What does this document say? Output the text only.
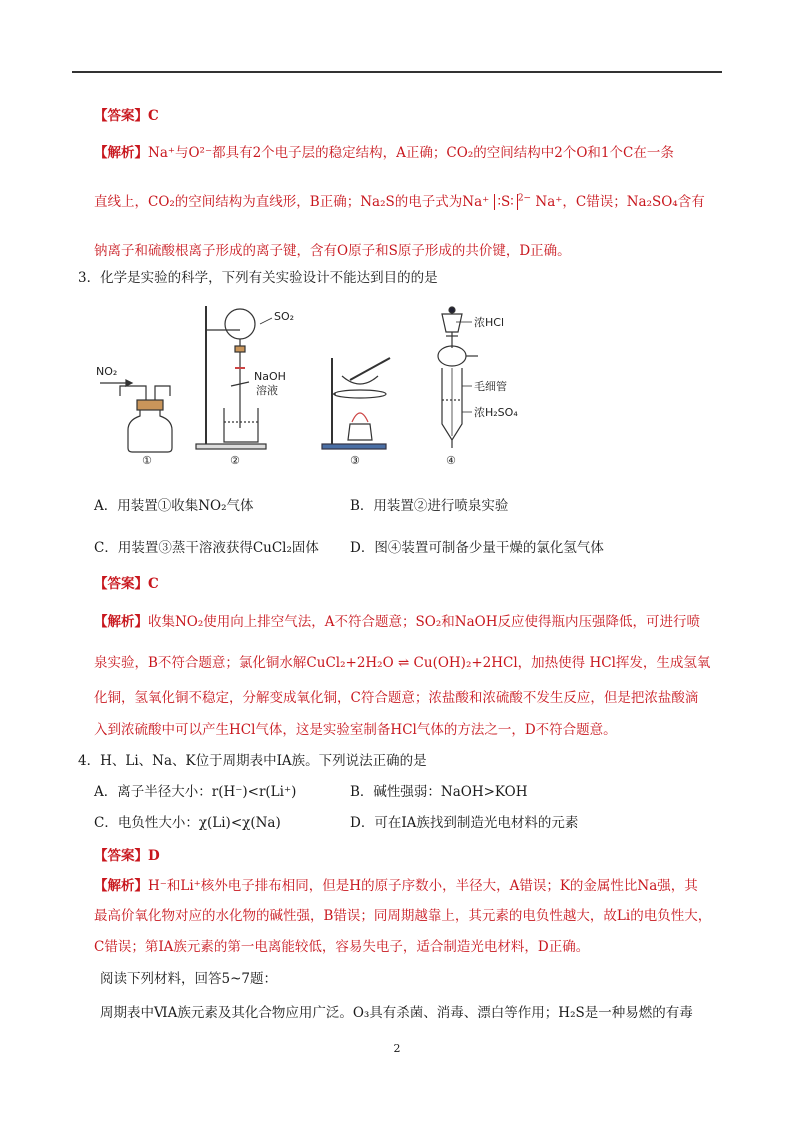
【答案】C
【解析】Na⁺与O²⁻都具有2个电子层的稳定结构，A正确；CO₂的空间结构中2个O和1个C在一条
直线上，CO₂的空间结构为直线形，B正确；Na₂S的电子式为Na⁺ ∶S∶ $^{2-}$ Na⁺，C错误；Na₂SO₄含有
钠离子和硫酸根离子形成的离子键，含有O原子和S原子形成的共价键，D正确。
3．化学是实验的科学，下列有关实验设计不能达到目的的是
NO₂
①
SO₂
NaOH
溶液
②	③
浓HCl
毛细管
浓H₂SO₄
④
A．用装置①收集NO₂气体	B．用装置②进行喷泉实验
C．用装置③蒸干溶液获得CuCl₂固体 D．图④装置可制备少量干燥的氯化氢气体
【答案】C
【解析】收集NO₂使用向上排空气法，A不符合题意；SO₂和NaOH反应使得瓶内压强降低，可进行喷
泉实验，B不符合题意；氯化铜水解CuCl₂+2H₂O ⇌ Cu(OH)₂+2HCl，加热使得 HCl挥发，生成氢氧
化铜，氢氧化铜不稳定，分解变成氧化铜，C符合题意；浓盐酸和浓硫酸不发生反应，但是把浓盐酸滴
入到浓硫酸中可以产生HCl气体，这是实验室制备HCl气体的方法之一，D不符合题意。
4．H、Li、Na、K位于周期表中IA族。下列说法正确的是
A．离子半径大小：r(H⁻)<r(Li⁺)	B．碱性强弱：NaOH>KOH
C．电负性大小：χ(Li)<χ(Na)	D．可在IA族找到制造光电材料的元素
【答案】D
【解析】H⁻和Li⁺核外电子排布相同，但是H的原子序数小，半径大，A错误；K的金属性比Na强，其
最高价氧化物对应的水化物的碱性强，B错误；同周期越靠上，其元素的电负性越大，故Li的电负性大，
C错误；第IA族元素的第一电离能较低，容易失电子，适合制造光电材料，D正确。
阅读下列材料，回答5~7题：
周期表中ⅥA族元素及其化合物应用广泛。O₃具有杀菌、消毒、漂白等作用；H₂S是一种易燃的有毒
2
